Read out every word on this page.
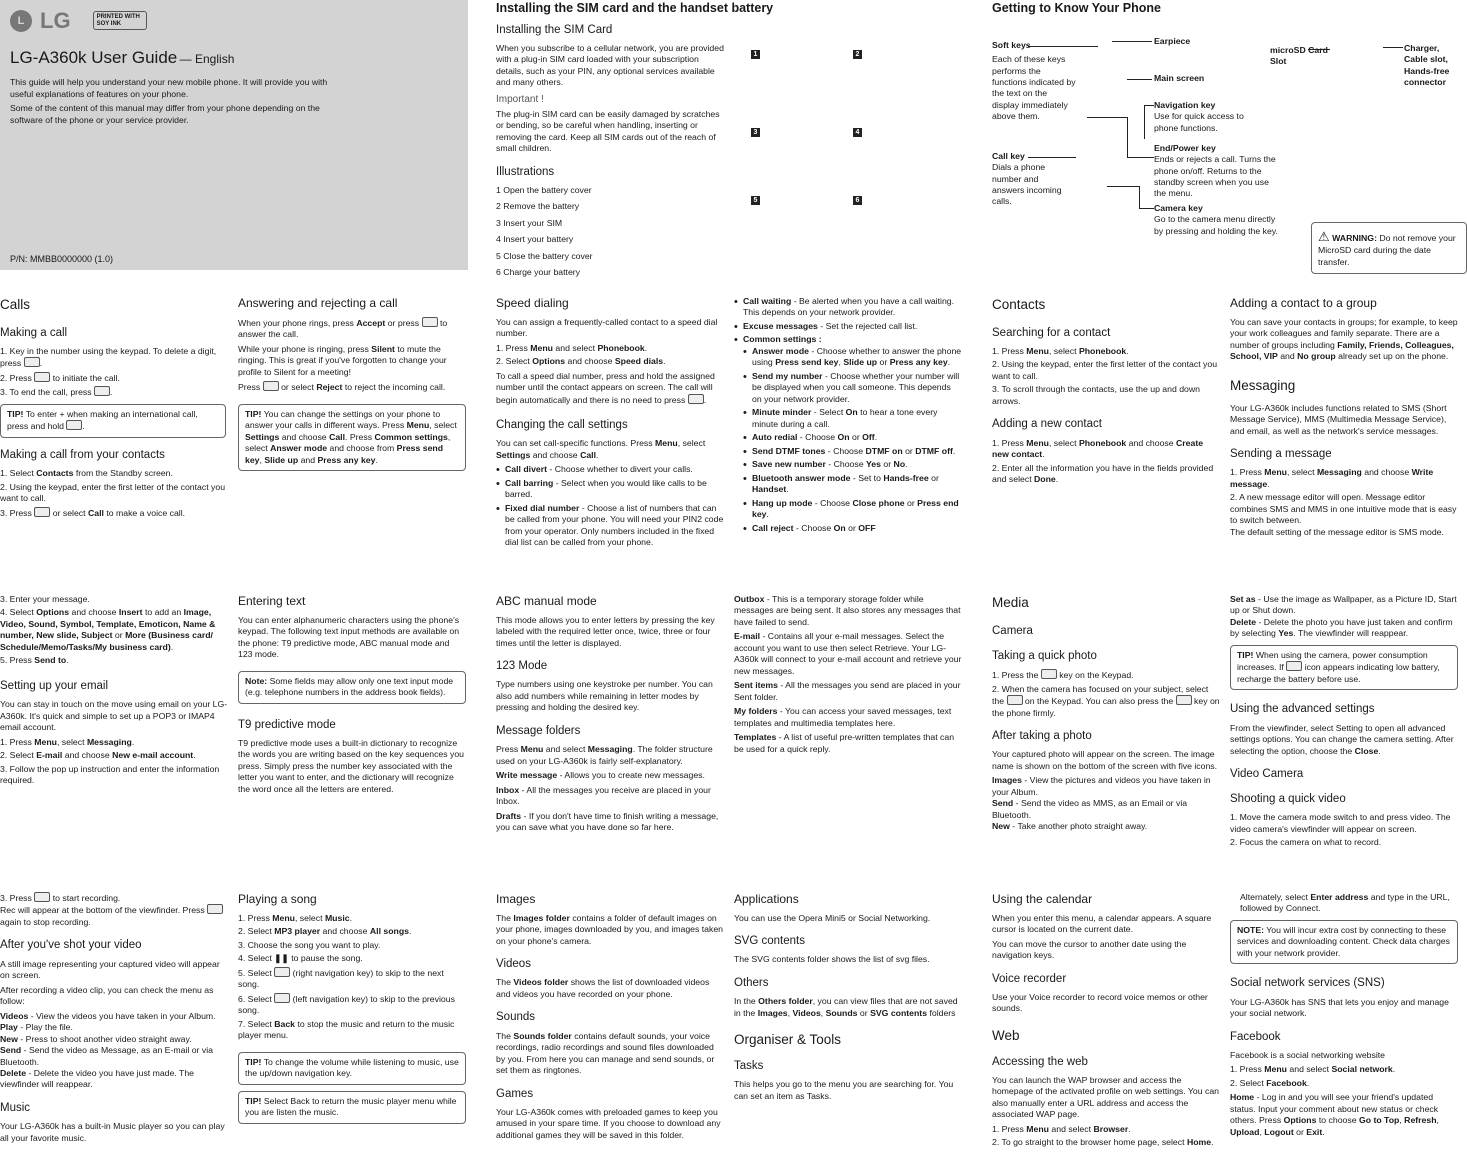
L LG	PRINTED WITH SOY INK
LG-A360k User Guide — English

This guide will help you understand your new mobile phone. It will provide you with useful explanations of features on your phone.

Some of the content of this manual may differ from your phone depending on the software of the phone or your service provider.

P/N: MMBB0000000 (1.0)
Installing the SIM card and the handset battery
Installing the SIM Card

When you subscribe to a cellular network, you are provided with a plug-in SIM card loaded with your subscription details, such as your PIN, any optional services available and many others.

Important !

The plug-in SIM card can be easily damaged by scratches or bending, so be careful when handling, inserting or removing the card. Keep all SIM cards out of the reach of small children.

Illustrations
1 Open the battery cover
2 Remove the battery
3 Insert your SIM
4 Insert your battery
5 Close the battery cover
6 Charge your battery
1	2
3	4
5	6
Getting to Know Your Phone
Soft keys
Each of these keys performs the functions indicated by the text on the display immediately above them.
Call key
Dials a phone number and answers incoming calls.
Earpiece
Main screen
Navigation key
Use for quick access to phone functions.
End/Power key
Ends or rejects a call. Turns the phone on/off. Returns to the standby screen when you use the menu.
Camera key
Go to the camera menu directly by pressing and holding the key.
microSD Card Slot
Charger, Cable slot, Hands-free connector
⚠ WARNING: Do not remove your MicroSD card during the date transfer.
Calls
Making a call
1. Key in the number using the keypad. To delete a digit, press .
2. Press to initiate the call.
3. To end the call, press .
TIP! To enter + when making an international call, press and hold .
Making a call from your contacts
1. Select Contacts from the Standby screen.
2. Using the keypad, enter the first letter of the contact you want to call.
3. Press or select Call to make a voice call.
Answering and rejecting a call

When your phone rings, press Accept or press to answer the call.

While your phone is ringing, press Silent to mute the ringing. This is great if you've forgotten to change your profile to Silent for a meeting!

Press or select Reject to reject the incoming call.

TIP! You can change the settings on your phone to answer your calls in different ways. Press Menu, select Settings and choose Call. Press Common settings, select Answer mode and choose from Press send key, Slide up and Press any key.
Speed dialing

You can assign a frequently-called contact to a speed dial number.

1. Press Menu and select Phonebook.
2. Select Options and choose Speed dials.

To call a speed dial number, press and hold the assigned number until the contact appears on screen. The call will begin automatically and there is no need to press .

Changing the call settings

You can set call-specific functions. Press Menu, select Settings and choose Call.

• Call divert - Choose whether to divert your calls.
• Call barring - Select when you would like calls to be barred.
• Fixed dial number - Choose a list of numbers that can be called from your phone. You will need your PIN2 code from your operator. Only numbers included in the fixed dial list can be called from your phone.
• Call waiting - Be alerted when you have a call waiting. This depends on your network provider.
• Excuse messages - Set the rejected call list.
• Common settings :
• Answer mode - Choose whether to answer the phone using Press send key, Slide up or Press any key.
• Send my number - Choose whether your number will be displayed when you call someone. This depends on your network provider.
• Minute minder - Select On to hear a tone every minute during a call.
• Auto redial - Choose On or Off.
• Send DTMF tones - Choose DTMF on or DTMF off.
• Save new number - Choose Yes or No.
• Bluetooth answer mode - Set to Hands-free or Handset.
• Hang up mode - Choose Close phone or Press end key.
• Call reject - Choose On or OFF
Contacts
Searching for a contact
1. Press Menu, select Phonebook.
2. Using the keypad, enter the first letter of the contact you want to call.
3. To scroll through the contacts, use the up and down arrows.
Adding a new contact
1. Press Menu, select Phonebook and choose Create new contact.
2. Enter all the information you have in the fields provided and select Done.
Adding a contact to a group

You can save your contacts in groups; for example, to keep your work colleagues and family separate. There are a number of groups including Family, Friends, Colleagues, School, VIP and No group already set up on the phone.

Messaging

Your LG-A360k includes functions related to SMS (Short Message Service), MMS (Multimedia Message Service), and email, as well as the network's service messages.

Sending a message
1. Press Menu, select Messaging and choose Write message.
2. A new message editor will open. Message editor combines SMS and MMS in one intuitive mode that is easy to switch between.
The default setting of the message editor is SMS mode.
3. Enter your message.
4. Select Options and choose Insert to add an Image, Video, Sound, Symbol, Template, Emoticon, Name & number, New slide, Subject or More (Business card/ Schedule/Memo/Tasks/My business card).
5. Press Send to.
Setting up your email

You can stay in touch on the move using email on your LG-A360k. It's quick and simple to set up a POP3 or IMAP4 email account.

1. Press Menu, select Messaging.
2. Select E-mail and choose New e-mail account.
3. Follow the pop up instruction and enter the information required.
Entering text

You can enter alphanumeric characters using the phone's keypad. The following text input methods are available on the phone: T9 predictive mode, ABC manual mode and 123 mode.

Note: Some fields may allow only one text input mode (e.g. telephone numbers in the address book fields).
T9 predictive mode

T9 predictive mode uses a built-in dictionary to recognize the words you are writing based on the key sequences you press. Simply press the number key associated with the letter you want to enter, and the dictionary will recognize the word once all the letters are entered.

ABC manual mode

This mode allows you to enter letters by pressing the key labeled with the required letter once, twice, three or four times until the letter is displayed.

123 Mode

Type numbers using one keystroke per number. You can also add numbers while remaining in letter modes by pressing and holding the desired key.

Message folders

Press Menu and select Messaging. The folder structure used on your LG-A360k is fairly self-explanatory.

Write message - Allows you to create new messages.

Inbox - All the messages you receive are placed in your Inbox.

Drafts - If you don't have time to finish writing a message, you can save what you have done so far here.

Outbox - This is a temporary storage folder while messages are being sent. It also stores any messages that have failed to send.

E-mail - Contains all your e-mail messages. Select the account you want to use then select Retrieve. Your LG-A360k will connect to your e-mail account and retrieve your new messages.

Sent items - All the messages you send are placed in your Sent folder.

My folders - You can access your saved messages, text templates and multimedia templates here.

Templates - A list of useful pre-written templates that can be used for a quick reply.

Media
Camera
Taking a quick photo
1. Press the key on the Keypad.
2. When the camera has focused on your subject, select the on the Keypad. You can also press the key on the phone firmly.
After taking a photo

Your captured photo will appear on the screen. The image name is shown on the bottom of the screen with five icons.

Images - View the pictures and videos you have taken in your Album.

Send - Send the video as MMS, as an Email or via Bluetooth.

New - Take another photo straight away.

Set as - Use the image as Wallpaper, as a Picture ID, Start up or Shut down.

Delete - Delete the photo you have just taken and confirm by selecting Yes. The viewfinder will reappear.

TIP! When using the camera, power consumption increases. If icon appears indicating low battery, recharge the battery before use.
Using the advanced settings

From the viewfinder, select Setting to open all advanced settings options. You can change the camera setting. After selecting the option, choose the Close.

Video Camera
Shooting a quick video
1. Move the camera mode switch to and press video. The video camera's viewfinder will appear on screen.
2. Focus the camera on what to record.

3. Press to start recording.

Rec will appear at the bottom of the viewfinder. Press  again to stop recording.

After you've shot your video

A still image representing your captured video will appear on screen.

After recording a video clip, you can check the menu as follow:

Videos - View the videos you have taken in your Album.

Play - Play the file.

New - Press to shoot another video straight away.

Send - Send the video as Message, as an E-mail or via Bluetooth.

Delete - Delete the video you have just made. The viewfinder will reappear.

Music

Your LG-A360k has a built-in Music player so you can play all your favorite music.

Playing a song
1. Press Menu, select Music.
2. Select MP3 player and choose All songs.
3. Choose the song you want to play.
4. Select ❚❚ to pause the song.
5. Select (right navigation key) to skip to the next song.
6. Select (left navigation key) to skip to the previous song.
7. Select Back to stop the music and return to the music player menu.
TIP! To change the volume while listening to music, use the up/down navigation key.
TIP! Select Back to return the music player menu while you are listen the music.
Images

The Images folder contains a folder of default images on your phone, images downloaded by you, and images taken on your phone's camera.

Videos

The Videos folder shows the list of downloaded videos and videos you have recorded on your phone.

Sounds

The Sounds folder contains default sounds, your voice recordings, radio recordings and sound files downloaded by you. From here you can manage and send sounds, or set them as ringtones.

Games

Your LG-A360k comes with preloaded games to keep you amused in your spare time. If you choose to download any additional games they will be saved in this folder.

Applications

You can use the Opera Mini5 or Social Networking.

SVG contents

The SVG contents folder shows the list of svg files.

Others

In the Others folder, you can view files that are not saved in the Images, Videos, Sounds or SVG contents folders

Organiser & Tools
Tasks

This helps you go to the menu you are searching for. You can set an item as Tasks.

Using the calendar

When you enter this menu, a calendar appears. A square cursor is located on the current date.

You can move the cursor to another date using the navigation keys.

Voice recorder

Use your Voice recorder to record voice memos or other sounds.

Web
Accessing the web

You can launch the WAP browser and access the homepage of the activated profile on web settings. You can also manually enter a URL address and access the associated WAP page.

1. Press Menu and select Browser.
2. To go straight to the browser home page, select Home.

Alternately, select Enter address and type in the URL, followed by Connect.

NOTE: You will incur extra cost by connecting to these services and downloading content. Check data charges with your network provider.
Social network services (SNS)

Your LG-A360k has SNS that lets you enjoy and manage your social network.

Facebook

Facebook is a social networking website

1. Press Menu and select Social network.
2. Select Facebook.

Home - Log in and you will see your friend's updated status. Input your comment about new status or check others. Press Options to choose Go to Top, Refresh, Upload, Logout or Exit.
